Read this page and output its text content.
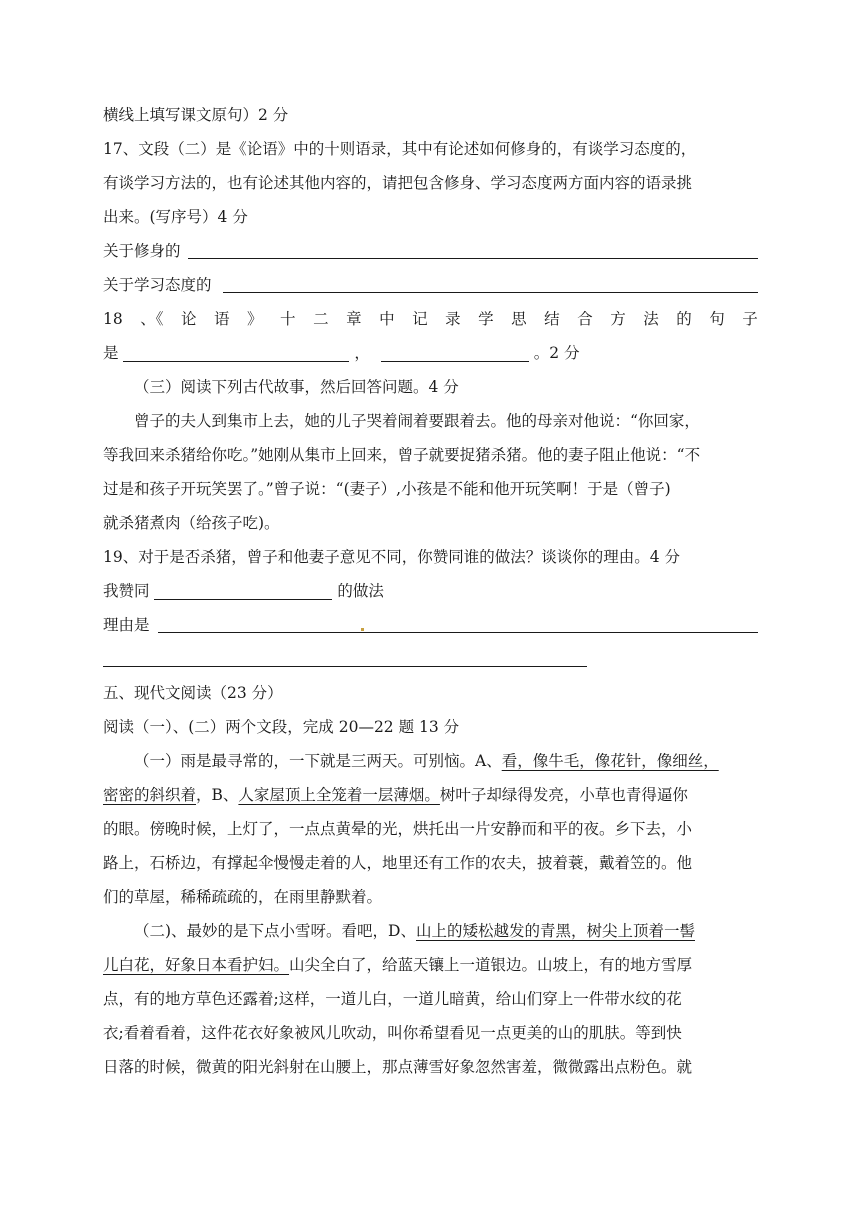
横线上填写课文原句）2 分
17、文段（二）是《论语》中的十则语录，其中有论述如何修身的，有谈学习态度的，
有谈学习方法的，也有论述其他内容的，请把包含修身、学习态度两方面内容的语录挑
出来。(写序号）4 分
关于修身的
关于学习态度的
18 、《 论 语 》 十 二 章 中 记 录 学 思 结 合 方 法 的 句 子
是	，	。2 分
（三）阅读下列古代故事，然后回答问题。4 分
曾子的夫人到集市上去，她的儿子哭着闹着要跟着去。他的母亲对他说：“你回家，
等我回来杀猪给你吃。”她刚从集市上回来，曾子就要捉猪杀猪。他的妻子阻止他说：“不
过是和孩子开玩笑罢了。”曾子说：“(妻子）,小孩是不能和他开玩笑啊！于是（曾子)
就杀猪煮肉（给孩子吃)。
19、对于是否杀猪，曾子和他妻子意见不同，你赞同谁的做法？谈谈你的理由。4 分
我赞同	的做法
理由是
五、现代文阅读（23 分）
阅读（一）、(二）两个文段，完成 20—22 题 13 分
（一）雨是最寻常的，一下就是三两天。可别恼。A、看，像牛毛，像花针，像细丝，
密密的斜织着，B、人家屋顶上全笼着一层薄烟。树叶子却绿得发亮，小草也青得逼你
的眼。傍晚时候，上灯了，一点点黄晕的光，烘托出一片安静而和平的夜。乡下去，小
路上，石桥边，有撑起伞慢慢走着的人，地里还有工作的农夫，披着蓑，戴着笠的。他
们的草屋，稀稀疏疏的，在雨里静默着。
（二)、最妙的是下点小雪呀。看吧，D、山上的矮松越发的青黑，树尖上顶着一髻
儿白花，好象日本看护妇。山尖全白了，给蓝天镶上一道银边。山坡上，有的地方雪厚
点，有的地方草色还露着;这样，一道儿白，一道儿暗黄，给山们穿上一件带水纹的花
衣;看着看着，这件花衣好象被风儿吹动，叫你希望看见一点更美的山的肌肤。等到快
日落的时候，微黄的阳光斜射在山腰上，那点薄雪好象忽然害羞，微微露出点粉色。就
